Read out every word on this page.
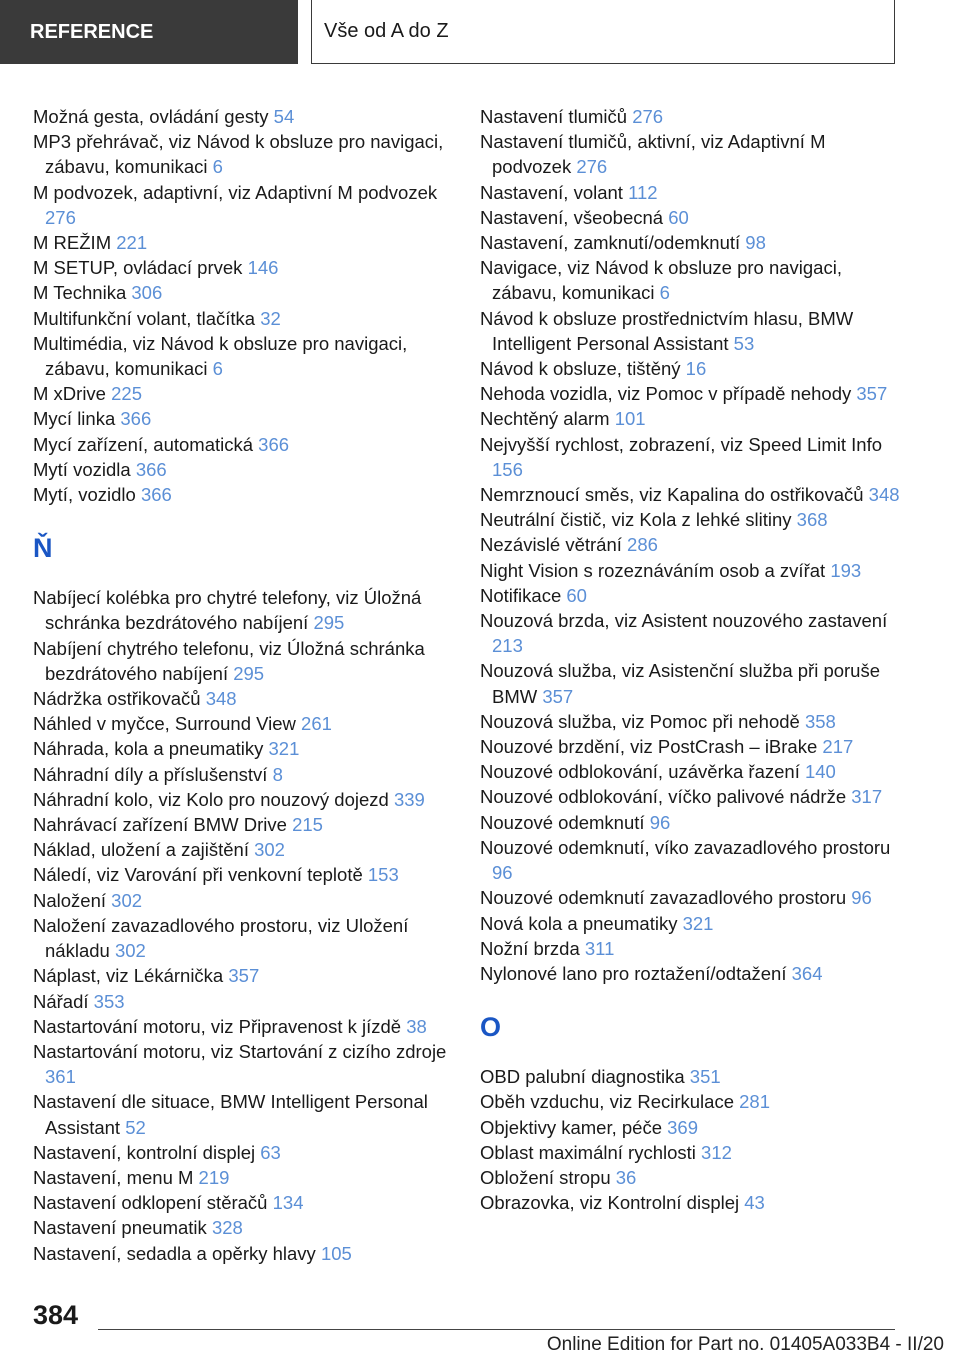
REFERENCE	Vše od A do Z

Možná gesta, ovládání gesty 54

MP3 přehrávač, viz Návod k obsluze pro navigaci, zábavu, komunikaci 6

M podvozek, adaptivní, viz Adaptivní M podvozek 276

M REŽIM 221

M SETUP, ovládací prvek 146

M Technika 306

Multifunkční volant, tlačítka 32

Multimédia, viz Návod k obsluze pro navigaci, zábavu, komunikaci 6

M xDrive 225

Mycí linka 366

Mycí zařízení, automatická 366

Mytí vozidla 366

Mytí, vozidlo 366

Ň

Nabíjecí kolébka pro chytré telefony, viz Úložná schránka bezdrátového nabíjení 295

Nabíjení chytrého telefonu, viz Úložná schránka bezdrátového nabíjení 295

Nádržka ostřikovačů 348

Náhled v myčce, Surround View 261

Náhrada, kola a pneumatiky 321

Náhradní díly a příslušenství 8

Náhradní kolo, viz Kolo pro nouzový dojezd 339

Nahrávací zařízení BMW Drive 215

Náklad, uložení a zajištění 302

Náledí, viz Varování při venkovní teplotě 153

Naložení 302

Naložení zavazadlového prostoru, viz Uložení nákladu 302

Náplast, viz Lékárnička 357

Nářadí 353

Nastartování motoru, viz Připravenost k jízdě 38

Nastartování motoru, viz Startování z cizího zdroje 361

Nastavení dle situace, BMW Intelligent Personal Assistant 52

Nastavení, kontrolní displej 63

Nastavení, menu M 219

Nastavení odklopení stěračů 134

Nastavení pneumatik 328

Nastavení, sedadla a opěrky hlavy 105

Nastavení tlumičů 276

Nastavení tlumičů, aktivní, viz Adaptivní M podvozek 276

Nastavení, volant 112

Nastavení, všeobecná 60

Nastavení, zamknutí/odemknutí 98

Navigace, viz Návod k obsluze pro navigaci, zábavu, komunikaci 6

Návod k obsluze prostřednictvím hlasu, BMW Intelligent Personal Assistant 53

Návod k obsluze, tištěný 16

Nehoda vozidla, viz Pomoc v případě nehody 357

Nechtěný alarm 101

Nejvyšší rychlost, zobrazení, viz Speed Limit Info 156

Nemrznoucí směs, viz Kapalina do ostřikovačů 348

Neutrální čistič, viz Kola z lehké slitiny 368

Nezávislé větrání 286

Night Vision s rozeznáváním osob a zvířat 193

Notifikace 60

Nouzová brzda, viz Asistent nouzového zastavení 213

Nouzová služba, viz Asistenční služba při poruše BMW 357

Nouzová služba, viz Pomoc při nehodě 358

Nouzové brzdění, viz PostCrash – iBrake 217

Nouzové odblokování, uzávěrka řazení 140

Nouzové odblokování, víčko palivové nádrže 317

Nouzové odemknutí 96

Nouzové odemknutí, víko zavazadlového prostoru 96

Nouzové odemknutí zavazadlového prostoru 96

Nová kola a pneumatiky 321

Nožní brzda 311

Nylonové lano pro roztažení/odtažení 364

O

OBD palubní diagnostika 351

Oběh vzduchu, viz Recirkulace 281

Objektivy kamer, péče 369

Oblast maximální rychlosti 312

Obložení stropu 36

Obrazovka, viz Kontrolní displej 43

384
Online Edition for Part no. 01405A033B4 - II/20
